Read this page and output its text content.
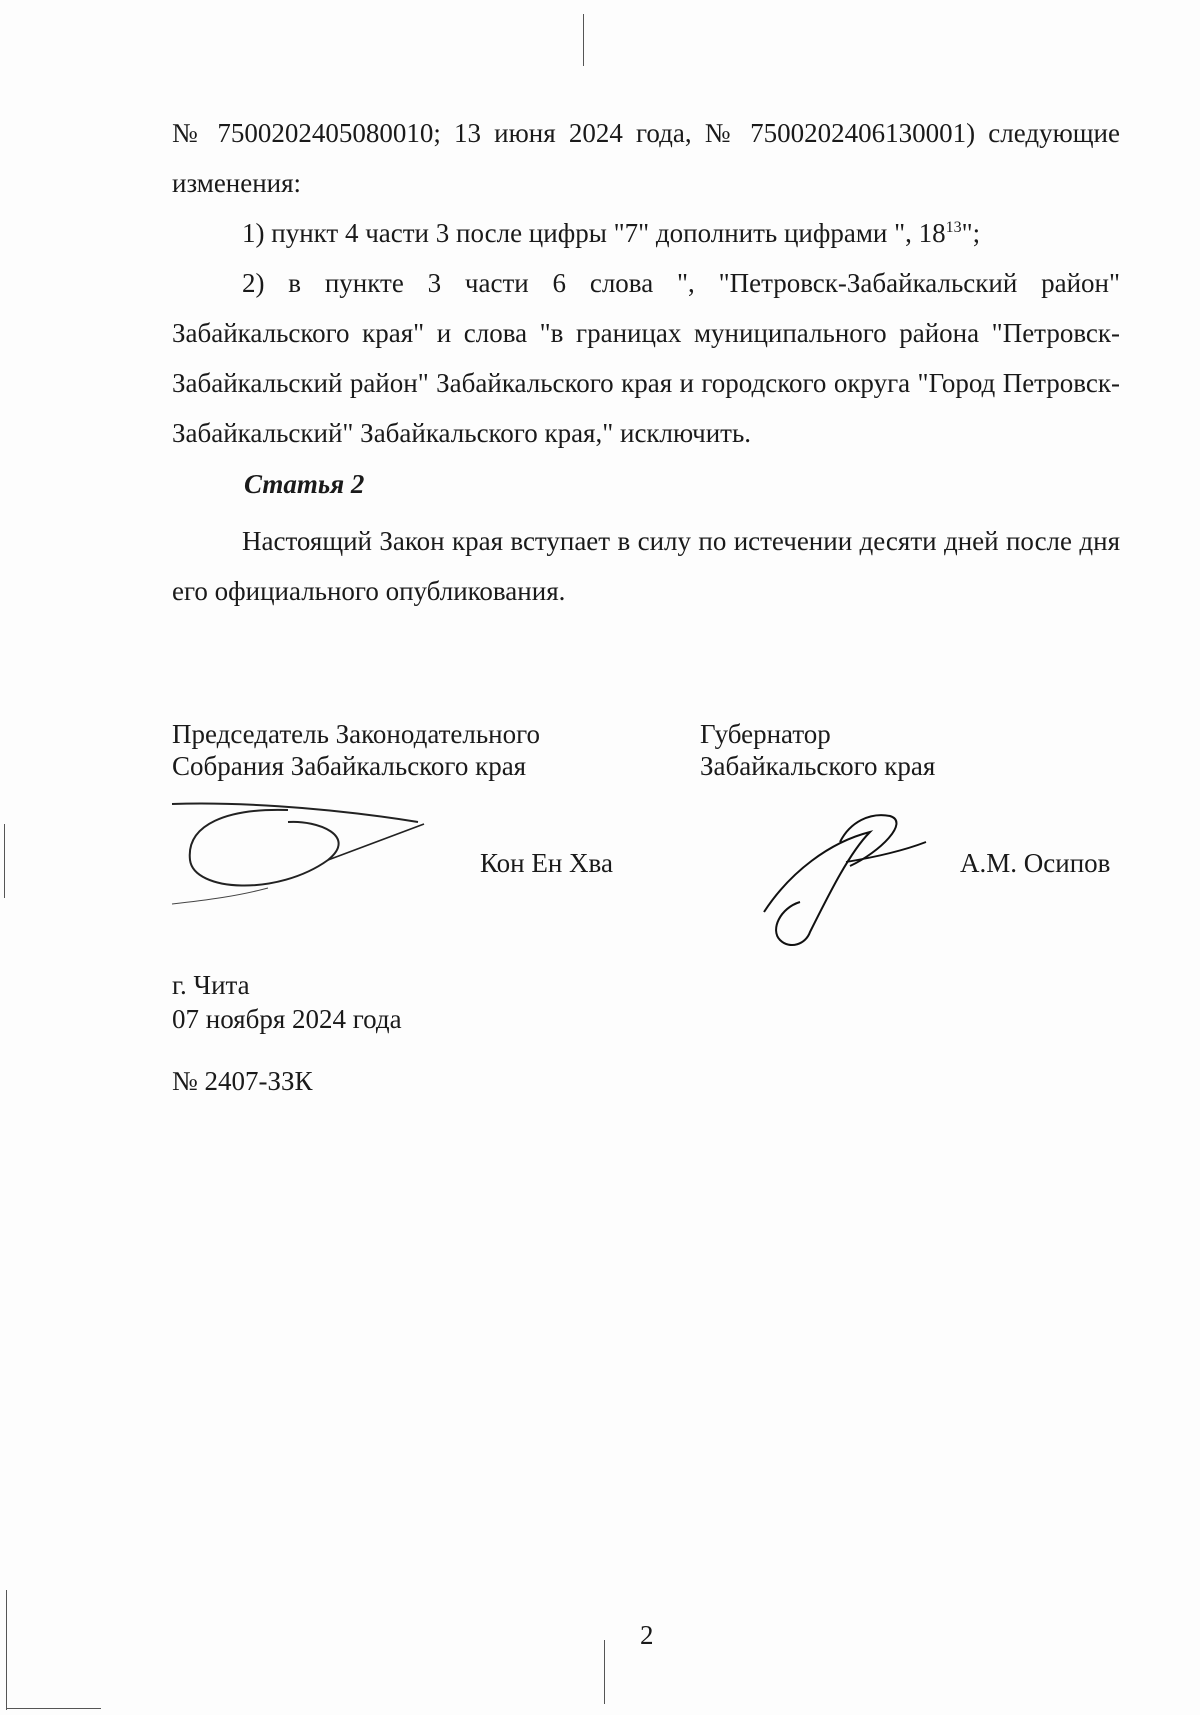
№ 7500202405080010; 13 июня 2024 года, № 7500202406130001) следующие изменения:

1) пункт 4 части 3 после цифры "7" дополнить цифрами ", $18^{13}$";

2) в пункте 3 части 6 слова ", "Петровск-Забайкальский район" Забайкальского края" и слова "в границах муниципального района "Петровск-Забайкальский район" Забайкальского края и городского округа "Город Петровск-Забайкальский" Забайкальского края," исключить.

Статья 2

Настоящий Закон края вступает в силу по истечении десяти дней после дня его официального опубликования.

Председатель Законодательного
Собрания Забайкальского края
Губернатор
Забайкальского края
Кон Ен Хва	А.М. Осипов
г. Чита
07 ноября 2024 года
№ 2407-ЗЗК
2
